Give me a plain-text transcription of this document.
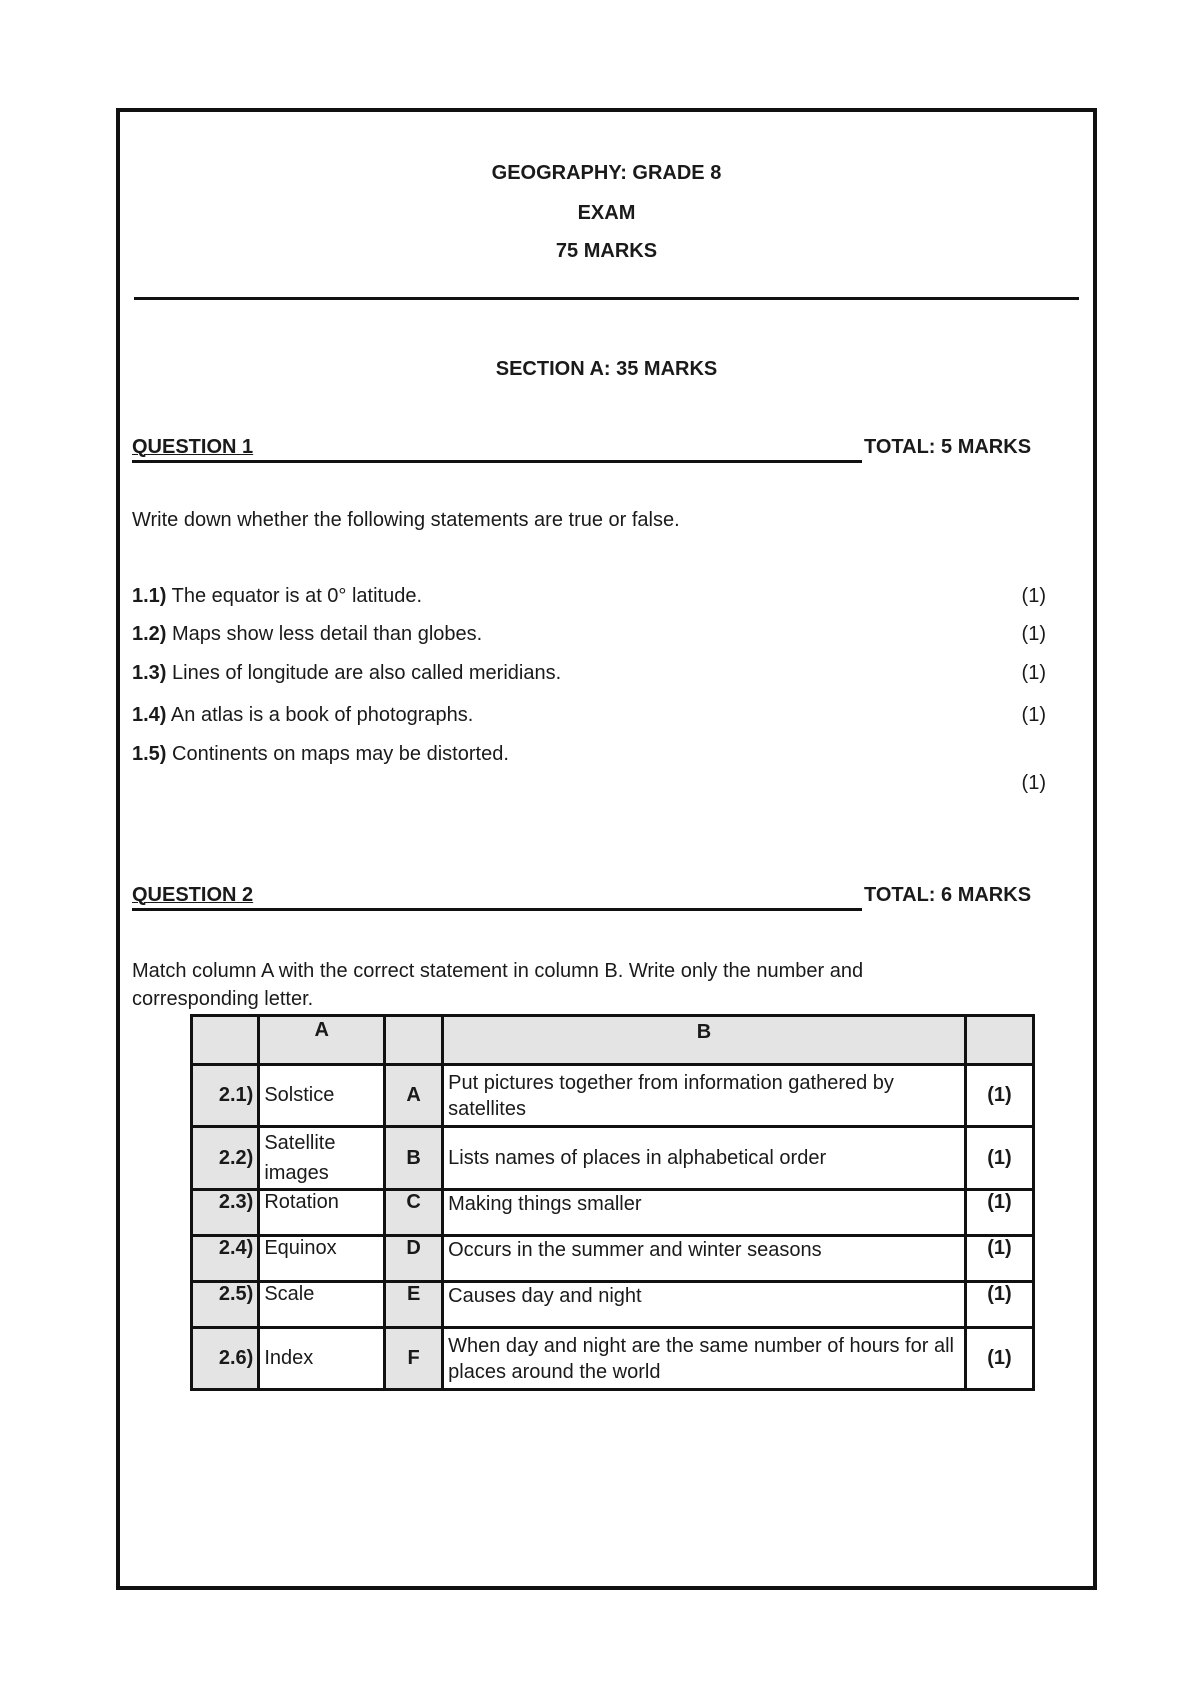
GEOGRAPHY: GRADE 8
EXAM
75 MARKS
SECTION A: 35 MARKS
QUESTION 1	TOTAL: 5 MARKS
Write down whether the following statements are true or false.
1.1) The equator is at 0° latitude.	(1)
1.2) Maps show less detail than globes.	(1)
1.3) Lines of longitude are also called meridians.	(1)
1.4) An atlas is a book of photographs.	(1)
1.5) Continents on maps may be distorted.
(1)
QUESTION 2	TOTAL: 6 MARKS
Match column A with the correct statement in column B. Write only the number and corresponding letter.
	A		B	
2.1)	Solstice	A	Put pictures together from information gathered by satellites	(1)
2.2)	Satellite images	B	Lists names of places in alphabetical order	(1)
2.3)	Rotation	C	Making things smaller	(1)
2.4)	Equinox	D	Occurs in the summer and winter seasons	(1)
2.5)	Scale	E	Causes day and night	(1)
2.6)	Index	F	When day and night are the same number of hours for all places around the world	(1)
